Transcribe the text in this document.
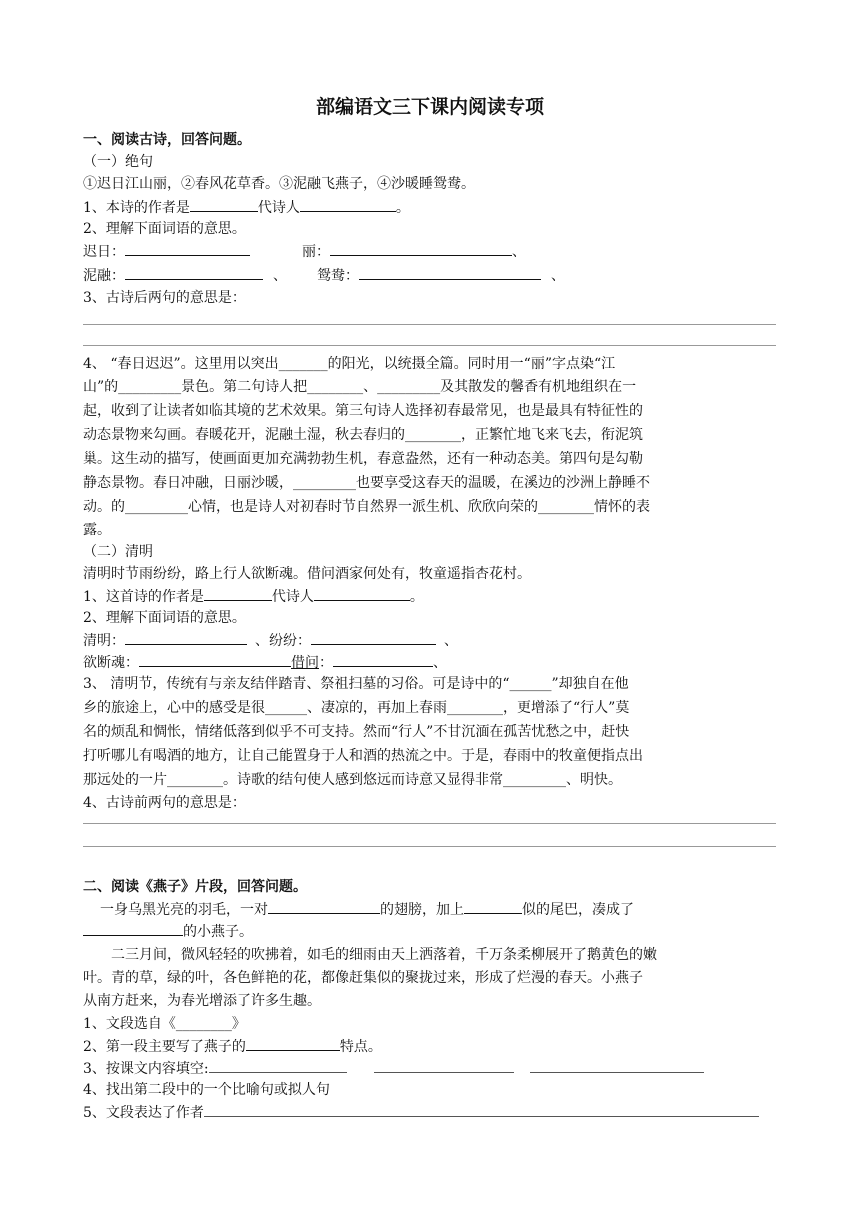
部编语文三下课内阅读专项
一、阅读古诗，回答问题。
（一）绝句
①迟日江山丽，②春风花草香。③泥融飞燕子，④沙暖睡鸳鸯。
1、本诗的作者是	代诗人	。
2、理解下面词语的意思。
迟日：	丽：	、
泥融：	、 鸳鸯：	、
3、古诗后两句的意思是：
4、 “春日迟迟”。这里用以突出_______的阳光，以统摄全篇。同时用一“丽”字点染“江
山”的_________景色。第二句诗人把________、_________及其散发的馨香有机地组织在一
起，收到了让读者如临其境的艺术效果。第三句诗人选择初春最常见，也是最具有特征性的
动态景物来勾画。春暖花开，泥融土湿，秋去春归的________，正繁忙地飞来飞去，衔泥筑
巢。这生动的描写，使画面更加充满勃勃生机，春意盎然，还有一种动态美。第四句是勾勒
静态景物。春日冲融，日丽沙暖，_________也要享受这春天的温暖，在溪边的沙洲上静睡不
动。的_________心情，也是诗人对初春时节自然界一派生机、欣欣向荣的________情怀的表
露。
（二）清明
清明时节雨纷纷，路上行人欲断魂。借问酒家何处有，牧童遥指杏花村。
1、这首诗的作者是	代诗人	。
2、理解下面词语的意思。
清明：	、纷纷：	、
欲断魂：	借问：	、
3、 清明节，传统有与亲友结伴踏青、祭祖扫墓的习俗。可是诗中的“______”却独自在他
乡的旅途上，心中的感受是很______、凄凉的，再加上春雨________，更增添了“行人”莫
名的烦乱和惆怅，情绪低落到似乎不可支持。然而“行人”不甘沉湎在孤苦忧愁之中，赶快
打听哪儿有喝酒的地方，让自己能置身于人和酒的热流之中。于是，春雨中的牧童便指点出
那远处的一片________。诗歌的结句使人感到悠远而诗意又显得非常_________、明快。
4、古诗前两句的意思是：
二、阅读《燕子》片段，回答问题。
一身乌黑光亮的羽毛，一对	的翅膀，加上	似的尾巴，凑成了
的小燕子。
二三月间，微风轻轻的吹拂着，如毛的细雨由天上洒落着，千万条柔柳展开了鹅黄色的嫩
叶。青的草，绿的叶，各色鲜艳的花，都像赶集似的聚拢过来，形成了烂漫的春天。小燕子
从南方赶来，为春光增添了许多生趣。
1、文段选自《________》
2、第一段主要写了燕子的	特点。
3、按课文内容填空:
4、找出第二段中的一个比喻句或拟人句
5、文段表达了作者
